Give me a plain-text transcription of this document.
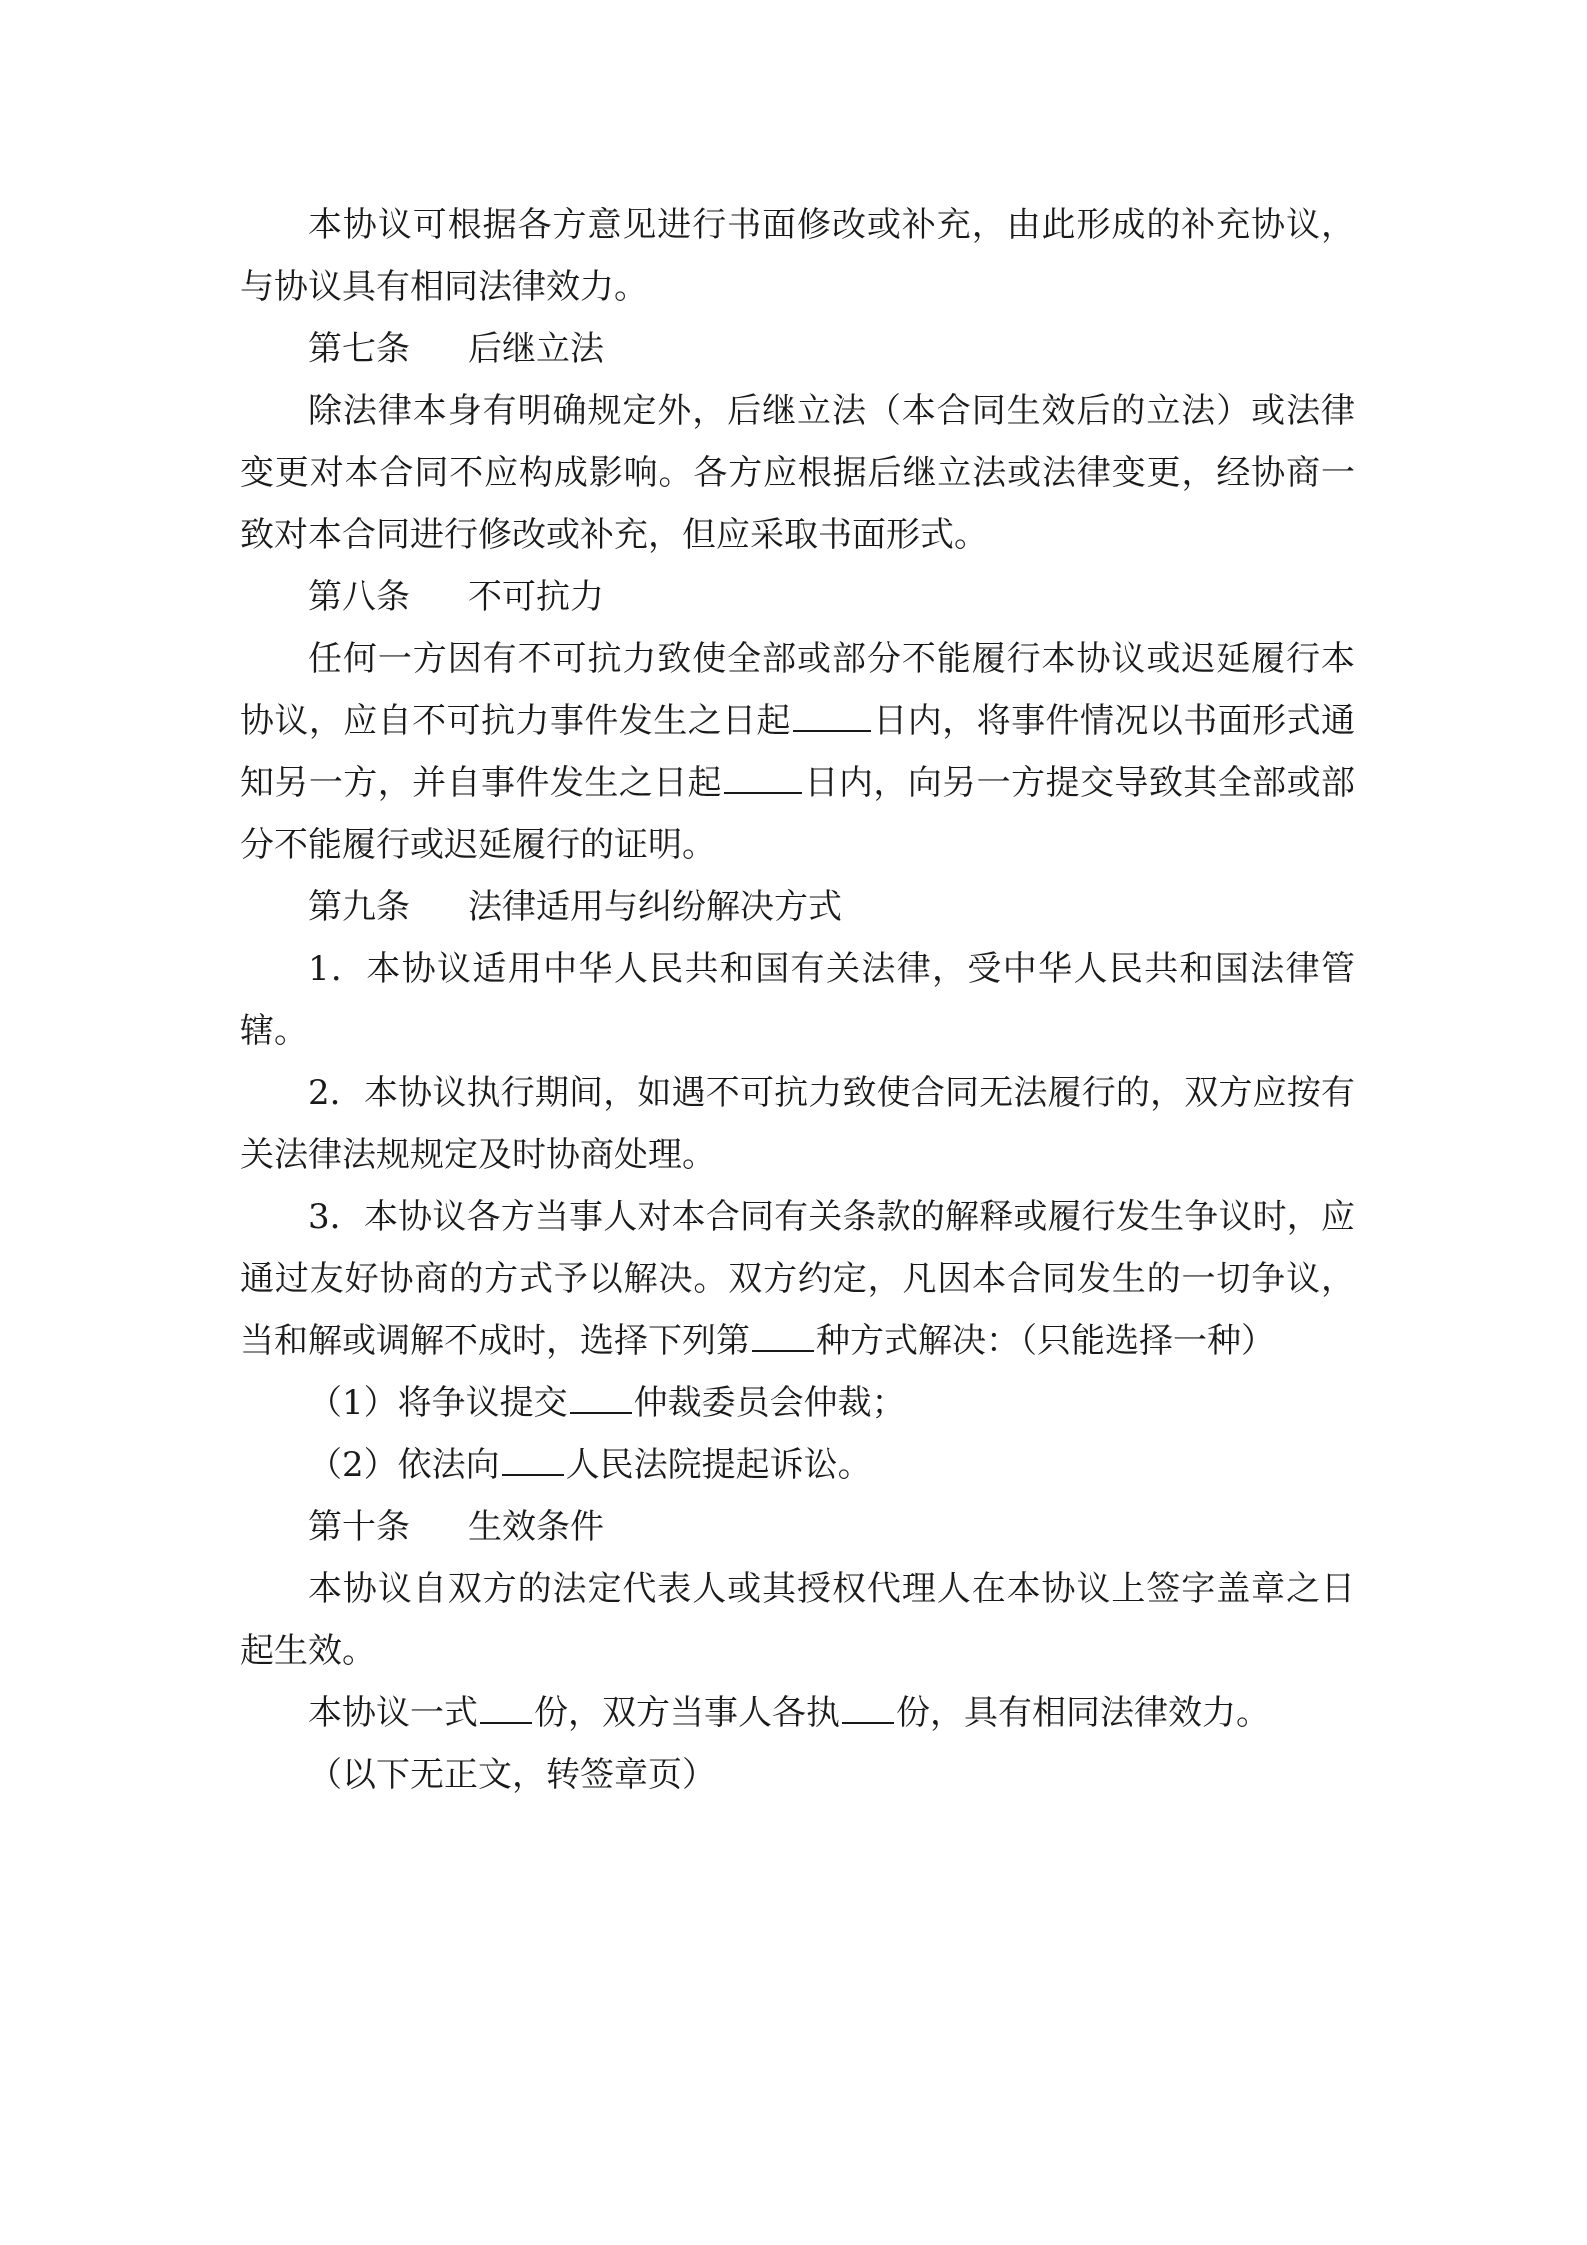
本协议可根据各方意见进行书面修改或补充，由此形成的补充协议，与协议具有相同法律效力。

第七条 后继立法

除法律本身有明确规定外，后继立法（本合同生效后的立法）或法律变更对本合同不应构成影响。各方应根据后继立法或法律变更，经协商一致对本合同进行修改或补充，但应采取书面形式。

第八条 不可抗力

任何一方因有不可抗力致使全部或部分不能履行本协议或迟延履行本协议，应自不可抗力事件发生之日起 日内，将事件情况以书面形式通知另一方，并自事件发生之日起 日内，向另一方提交导致其全部或部分不能履行或迟延履行的证明。

第九条 法律适用与纠纷解决方式

1．本协议适用中华人民共和国有关法律，受中华人民共和国法律管辖。

2．本协议执行期间，如遇不可抗力致使合同无法履行的，双方应按有关法律法规规定及时协商处理。

3．本协议各方当事人对本合同有关条款的解释或履行发生争议时，应通过友好协商的方式予以解决。双方约定，凡因本合同发生的一切争议，当和解或调解不成时，选择下列第 种方式解决：（只能选择一种）

（1）将争议提交 仲裁委员会仲裁；

（2）依法向 人民法院提起诉讼。

第十条 生效条件

本协议自双方的法定代表人或其授权代理人在本协议上签字盖章之日起生效。

本协议一式 份，双方当事人各执 份，具有相同法律效力。

（以下无正文，转签章页）
